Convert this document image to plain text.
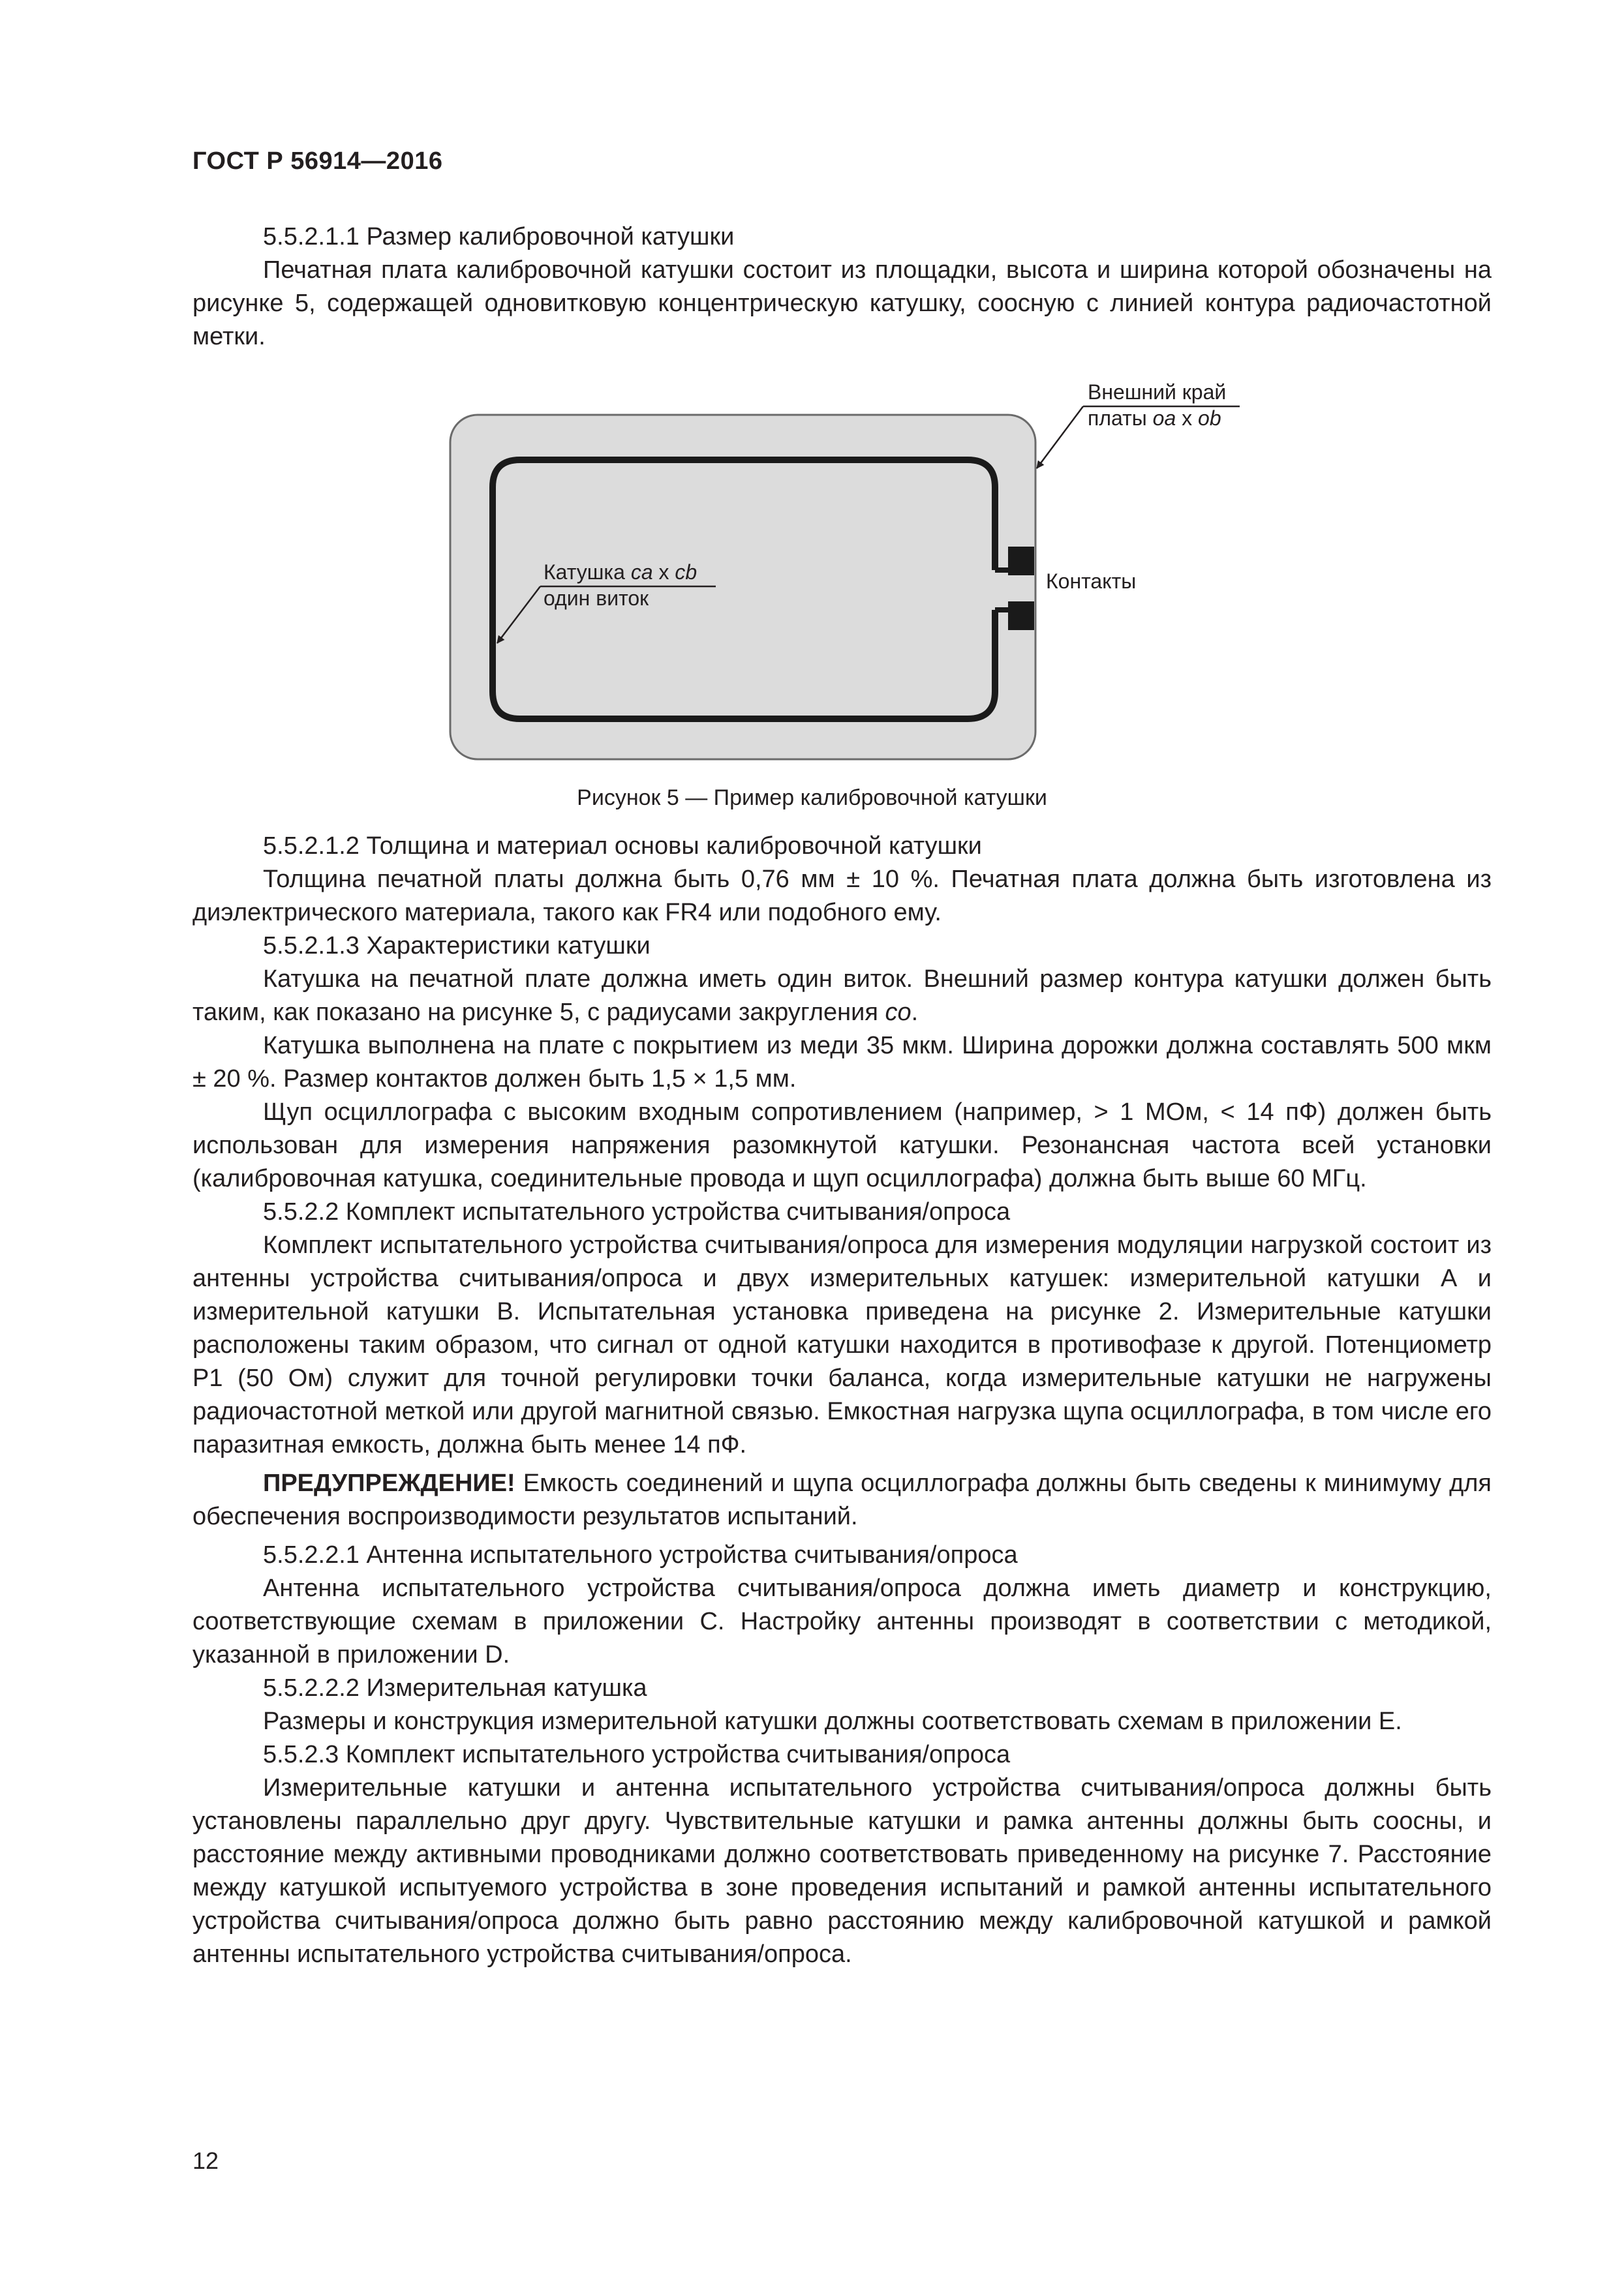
ГОСТ Р 56914—2016

5.5.2.1.1 Размер калибровочной катушки

Печатная плата калибровочной катушки состоит из площадки, высота и ширина которой обозначены на рисунке 5, содержащей одновитковую концентрическую катушку, соосную с линией контура радиочастотной метки.

Внешний край
платы oa x ob
Катушка ca x cb
один виток
Контакты
Рисунок 5 — Пример калибровочной катушки

5.5.2.1.2 Толщина и материал основы калибровочной катушки

Толщина печатной платы должна быть 0,76 мм ± 10 %. Печатная плата должна быть изготовлена из диэлектрического материала, такого как FR4 или подобного ему.

5.5.2.1.3 Характеристики катушки

Катушка на печатной плате должна иметь один виток. Внешний размер контура катушки должен быть таким, как показано на рисунке 5, с радиусами закругления co.

Катушка выполнена на плате с покрытием из меди 35 мкм. Ширина дорожки должна составлять 500 мкм ± 20 %. Размер контактов должен быть 1,5 × 1,5 мм.

Щуп осциллографа с высоким входным сопротивлением (например, > 1 МОм, < 14 пФ) должен быть использован для измерения напряжения разомкнутой катушки. Резонансная частота всей установки (калибровочная катушка, соединительные провода и щуп осциллографа) должна быть выше 60 МГц.

5.5.2.2 Комплект испытательного устройства считывания/опроса

Комплект испытательного устройства считывания/опроса для измерения модуляции нагрузкой состоит из антенны устройства считывания/опроса и двух измерительных катушек: измерительной катушки А и измерительной катушки В. Испытательная установка приведена на рисунке 2. Измерительные катушки расположены таким образом, что сигнал от одной катушки находится в противофазе к другой. Потенциометр Р1 (50 Ом) служит для точной регулировки точки баланса, когда измерительные катушки не нагружены радиочастотной меткой или другой магнитной связью. Емкостная нагрузка щупа осциллографа, в том числе его паразитная емкость, должна быть менее 14 пФ.

ПРЕДУПРЕЖДЕНИЕ! Емкость соединений и щупа осциллографа должны быть сведены к минимуму для обеспечения воспроизводимости результатов испытаний.

5.5.2.2.1 Антенна испытательного устройства считывания/опроса

Антенна испытательного устройства считывания/опроса должна иметь диаметр и конструкцию, соответствующие схемам в приложении С. Настройку антенны производят в соответствии с методикой, указанной в приложении D.

5.5.2.2.2 Измерительная катушка

Размеры и конструкция измерительной катушки должны соответствовать схемам в приложении Е.

5.5.2.3 Комплект испытательного устройства считывания/опроса

Измерительные катушки и антенна испытательного устройства считывания/опроса должны быть установлены параллельно друг другу. Чувствительные катушки и рамка антенны должны быть соосны, и расстояние между активными проводниками должно соответствовать приведенному на рисунке 7. Расстояние между катушкой испытуемого устройства в зоне проведения испытаний и рамкой антенны испытательного устройства считывания/опроса должно быть равно расстоянию между калибровочной катушкой и рамкой антенны испытательного устройства считывания/опроса.

12
